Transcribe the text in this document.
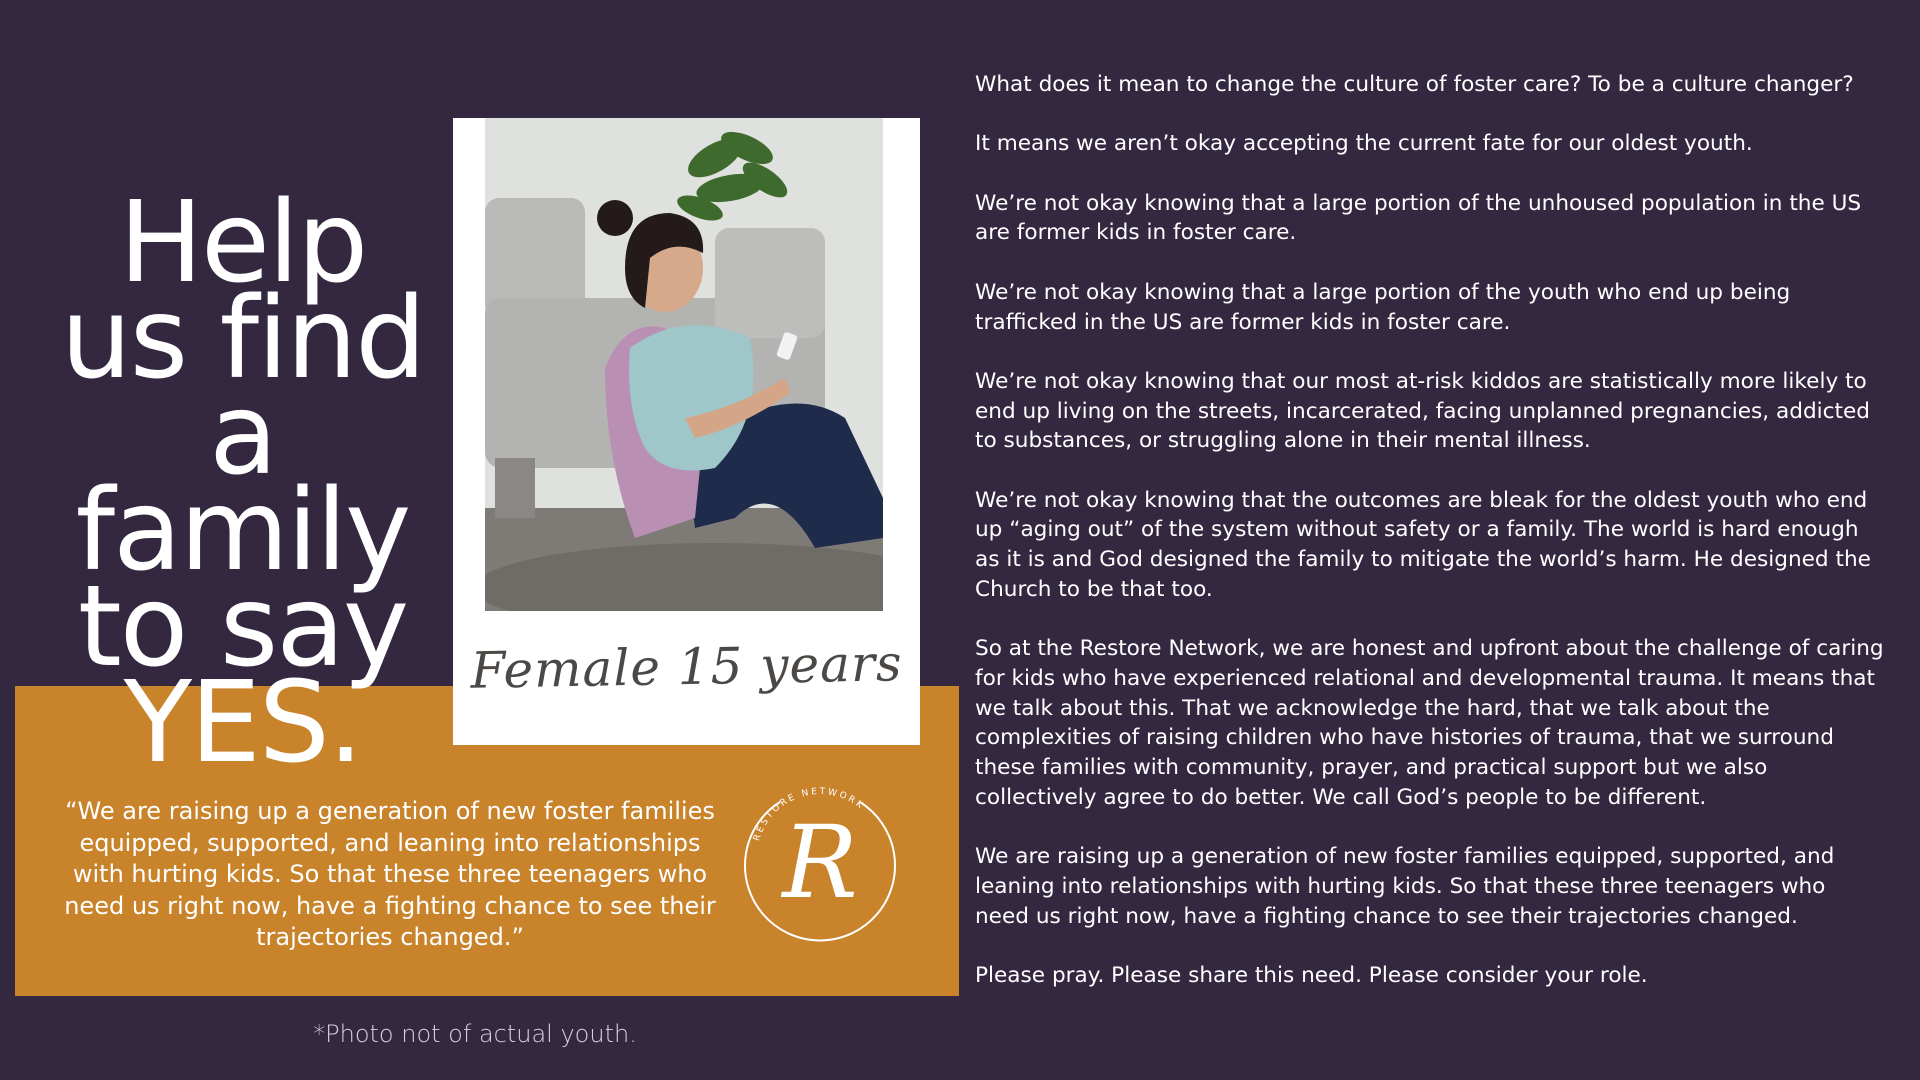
Help
us find
a
family
to say
YES.	Female 15 years
“We are raising up a generation of new foster families equipped, supported, and leaning into relationships with hurting kids. So that these three teenagers who need us right now, have a fighting chance to see their trajectories changed.”
RESTORE NETWORK
R
*Photo not of actual youth.

What does it mean to change the culture of foster care? To be a culture changer?

It means we aren’t okay accepting the current fate for our oldest youth.

We’re not okay knowing that a large portion of the unhoused population in the US are former kids in foster care.

We’re not okay knowing that a large portion of the youth who end up being trafficked in the US are former kids in foster care.

We’re not okay knowing that our most at-risk kiddos are statistically more likely to end up living on the streets, incarcerated, facing unplanned pregnancies, addicted to substances, or struggling alone in their mental illness.

We’re not okay knowing that the outcomes are bleak for the oldest youth who end up “aging out” of the system without safety or a family. The world is hard enough as it is and God designed the family to mitigate the world’s harm. He designed the Church to be that too.

So at the Restore Network, we are honest and upfront about the challenge of caring for kids who have experienced relational and developmental trauma. It means that we talk about this. That we acknowledge the hard, that we talk about the complexities of raising children who have histories of trauma, that we surround these families with community, prayer, and practical support but we also collectively agree to do better. We call God’s people to be different.

We are raising up a generation of new foster families equipped, supported, and leaning into relationships with hurting kids. So that these three teenagers who need us right now, have a fighting chance to see their trajectories changed.

Please pray. Please share this need. Please consider your role.
